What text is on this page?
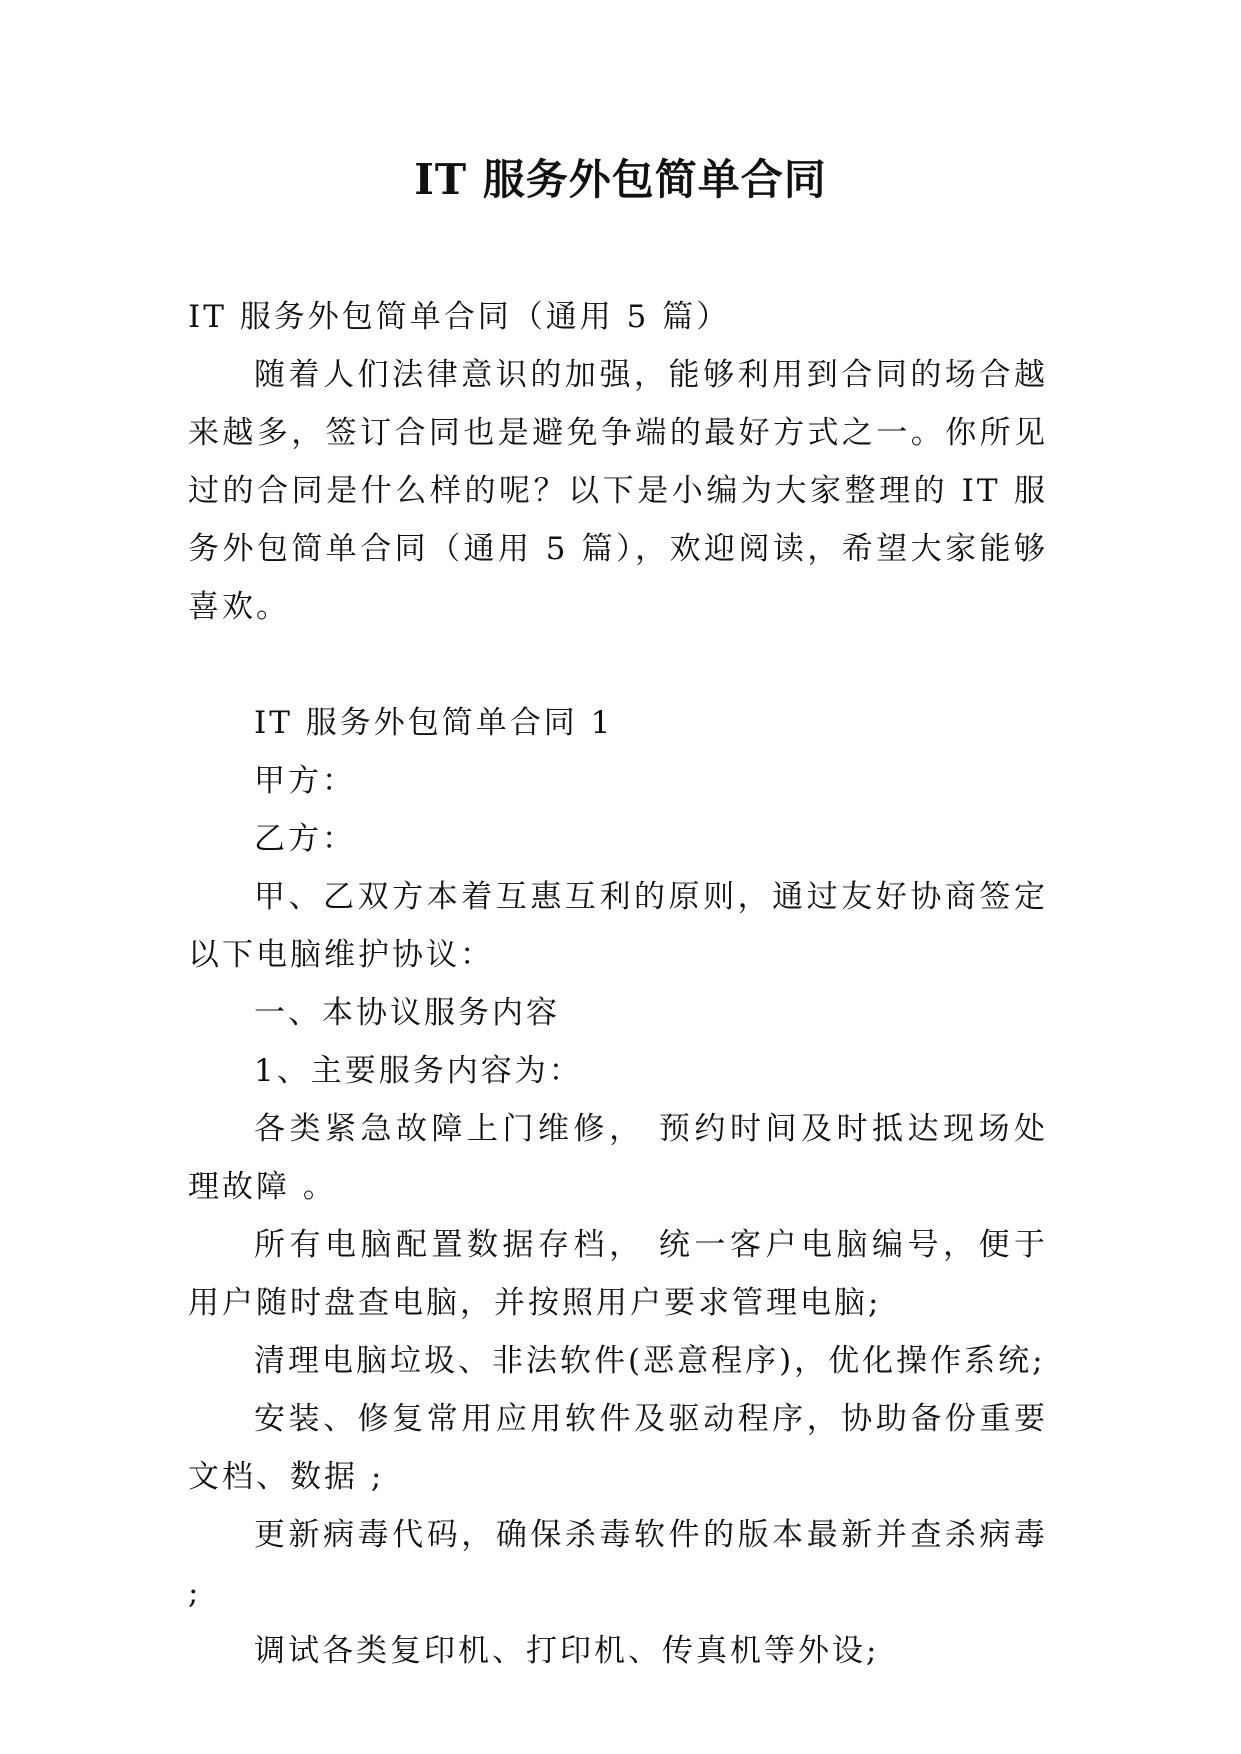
IT 服务外包简单合同

IT 服务外包简单合同（通用 5 篇）

随着人们法律意识的加强，能够利用到合同的场合越来越多，签订合同也是避免争端的最好方式之一。你所见过的合同是什么样的呢？以下是小编为大家整理的 IT 服务外包简单合同（通用 5 篇），欢迎阅读，希望大家能够喜欢。

IT 服务外包简单合同 1

甲方：

乙方：

甲、乙双方本着互惠互利的原则，通过友好协商签定以下电脑维护协议：

一、本协议服务内容

1、主要服务内容为：

各类紧急故障上门维修， 预约时间及时抵达现场处理故障 。

所有电脑配置数据存档， 统一客户电脑编号，便于用户随时盘查电脑，并按照用户要求管理电脑;

清理电脑垃圾、非法软件(恶意程序)，优化操作系统;

安装、修复常用应用软件及驱动程序，协助备份重要文档、数据 ;

更新病毒代码，确保杀毒软件的版本最新并查杀病毒 ;

调试各类复印机、打印机、传真机等外设;
